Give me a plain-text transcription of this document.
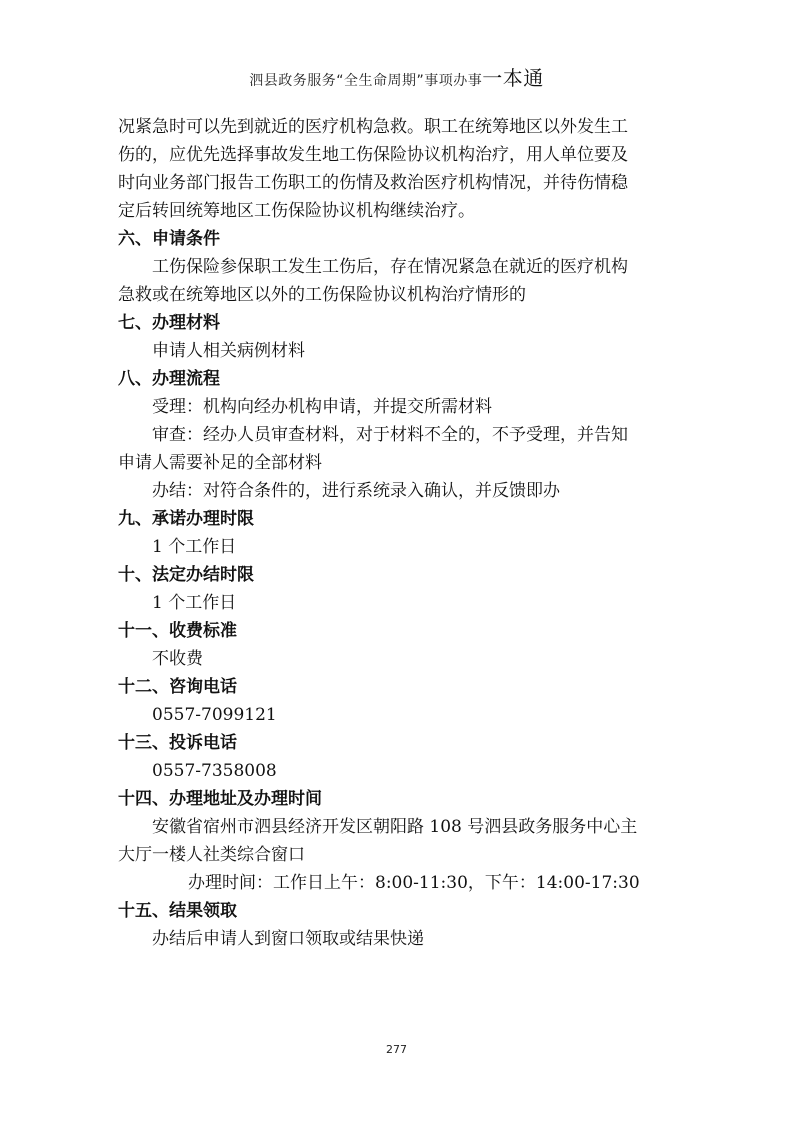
泗县政务服务“全生命周期”事项办事一本通

况紧急时可以先到就近的医疗机构急救。职工在统筹地区以外发生工

伤的，应优先选择事故发生地工伤保险协议机构治疗，用人单位要及

时向业务部门报告工伤职工的伤情及救治医疗机构情况，并待伤情稳

定后转回统筹地区工伤保险协议机构继续治疗。

六、申请条件

工伤保险参保职工发生工伤后，存在情况紧急在就近的医疗机构

急救或在统筹地区以外的工伤保险协议机构治疗情形的

七、办理材料

申请人相关病例材料

八、办理流程

受理：机构向经办机构申请，并提交所需材料

审查：经办人员审查材料，对于材料不全的，不予受理，并告知

申请人需要补足的全部材料

办结：对符合条件的，进行系统录入确认，并反馈即办

九、承诺办理时限

1 个工作日

十、法定办结时限

1 个工作日

十一、收费标准

不收费

十二、咨询电话

0557-7099121

十三、投诉电话

0557-7358008

十四、办理地址及办理时间

安徽省宿州市泗县经济开发区朝阳路 108 号泗县政务服务中心主

大厅一楼人社类综合窗口

办理时间：工作日上午：8:00-11:30，下午：14:00-17:30

十五、结果领取

办结后申请人到窗口领取或结果快递

277
